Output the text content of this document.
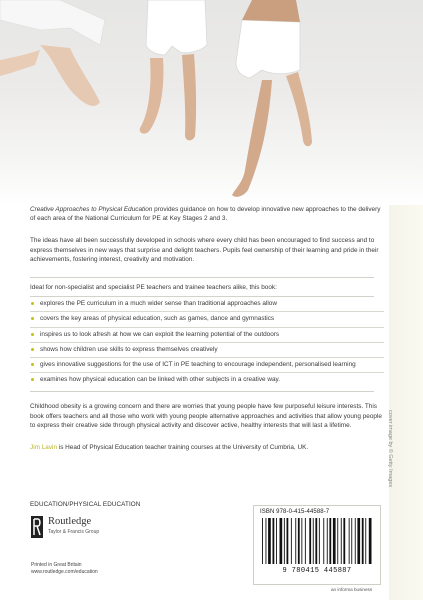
cover image by © Getty Images

Creative Approaches to Physical Education provides guidance on how to develop innovative new approaches to the delivery of each area of the National Curriculum for PE at Key Stages 2 and 3.

The ideas have all been successfully developed in schools where every child has been encouraged to find success and to express themselves in new ways that surprise and delight teachers. Pupils feel ownership of their learning and pride in their achievements, fostering interest, creativity and motivation.

Ideal for non-specialist and specialist PE teachers and trainee teachers alike, this book:

explores the PE curriculum in a much wider sense than traditional approaches allow
covers the key areas of physical education, such as games, dance and gymnastics
inspires us to look afresh at how we can exploit the learning potential of the outdoors
shows how children use skills to express themselves creatively
gives innovative suggestions for the use of ICT in PE teaching to encourage independent, personalised learning
examines how physical education can be linked with other subjects in a creative way.

Childhood obesity is a growing concern and there are worries that young people have few purposeful leisure interests. This book offers teachers and all those who work with young people alternative approaches and activities that allow young people to express their creative side through physical activity and discover active, healthy interests that will last a lifetime.

Jim Lavin is Head of Physical Education teacher training courses at the University of Cumbria, UK.

EDUCATION/PHYSICAL EDUCATION
Routledge
Taylor & Francis Group
Printed in Great Britain
www.routledge.com/education
ISBN 978-0-415-44588-7
9 780415 445887
an informa business
